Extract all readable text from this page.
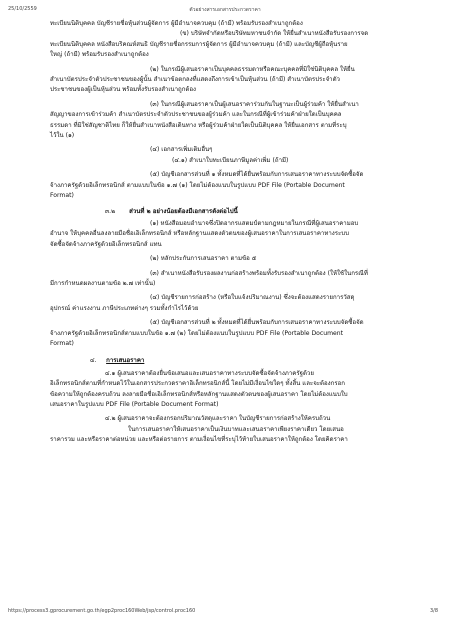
25/10/2559	ตัวอย่างสารเอกสารประกวดราคา

ทะเบียนนิติบุคคล บัญชีรายชื่อหุ้นส่วนผู้จัดการ ผู้มีอำนาจควบคุม (ถ้ามี) พร้อมรับรองสำเนาถูกต้อง

(ข) บริษัทจำกัดหรือบริษัทมหาชนจำกัด ให้ยื่นสำเนาหนังสือรับรองการจด

ทะเบียนนิติบุคคล หนังสือบริคณห์สนธิ บัญชีรายชื่อกรรมการผู้จัดการ ผู้มีอำนาจควบคุม (ถ้ามี) และบัญชีผู้ถือหุ้นราย

ใหญ่ (ถ้ามี) พร้อมรับรองสำเนาถูกต้อง

(๒) ในกรณีผู้เสนอราคาเป็นบุคคลธรรมดาหรือคณะบุคคลที่มิใช่นิติบุคคล ให้ยื่น

สำเนาบัตรประจำตัวประชาชนของผู้นั้น สำเนาข้อตกลงที่แสดงถึงการเข้าเป็นหุ้นส่วน (ถ้ามี) สำเนาบัตรประจำตัว

ประชาชนของผู้เป็นหุ้นส่วน พร้อมทั้งรับรองสำเนาถูกต้อง

(๓) ในกรณีผู้เสนอราคาเป็นผู้เสนอราคาร่วมกันในฐานะเป็นผู้ร่วมค้า ให้ยื่นสำเนา

สัญญาของการเข้าร่วมค้า สำเนาบัตรประจำตัวประชาชนของผู้ร่วมค้า และในกรณีที่ผู้เข้าร่วมค้าฝ่ายใดเป็นบุคคล

ธรรมดา ที่มิใช่สัญชาติไทย ก็ให้ยื่นสำเนาหนังสือเดินทาง หรือผู้ร่วมค้าฝ่ายใดเป็นนิติบุคคล ให้ยื่นเอกสาร ตามที่ระบุ

ไว้ใน (๑)

(๔) เอกสารเพิ่มเติมอื่นๆ

(๔.๑) สำเนาใบทะเบียนภาษีมูลค่าเพิ่ม (ถ้ามี)

(๕) บัญชีเอกสารส่วนที่ ๑ ทั้งหมดที่ได้ยื่นพร้อมกับการเสนอราคาทางระบบจัดซื้อจัด

จ้างภาครัฐด้วยอิเล็กทรอนิกส์ ตามแบบในข้อ ๑.๗ (๑) โดยไม่ต้องแนบในรูปแบบ PDF File (Portable Document

Format)

๓.๒ ส่วนที่ ๒ อย่างน้อยต้องมีเอกสารดังต่อไปนี้

(๑) หนังสือมอบอำนาจซึ่งปิดอากรแสตมป์ตามกฎหมายในกรณีที่ผู้เสนอราคามอบ

อำนาจ ให้บุคคลอื่นลงลายมือชื่อเอิเล็กทรอนิกส์ หรือหลักฐานแสดงตัวตนของผู้เสนอราคาในการเสนอราคาทางระบบ

จัดซื้อจัดจ้างภาครัฐด้วยอิเล็กทรอนิกส์ แทน

(๒) หลักประกันการเสนอราคา ตามข้อ ๕

(๓) สำเนาหนังสือรับรองผลงานก่อสร้างพร้อมทั้งรับรองสำเนาถูกต้อง (ให้ใช้ในกรณีที่

มีการกำหนดผลงานตามข้อ ๒.๗ เท่านั้น)

(๔) บัญชีรายการก่อสร้าง (หรือใบแจ้งปริมาณงาน) ซึ่งจะต้องแสดงรายการวัสดุ

อุปกรณ์ ค่าแรงงาน ภาษีประเภทต่างๆ รวมทั้งกำไรไว้ด้วย

(๕) บัญชีเอกสารส่วนที่ ๒ ทั้งหมดที่ได้ยื่นพร้อมกับการเสนอราคาทางระบบจัดซื้อจัด

จ้างภาครัฐด้วยอิเล็กทรอนิกส์ตามแบบในข้อ ๑.๗ (๒) โดยไม่ต้องแนบในรูปแบบ PDF File (Portable Document

Format)

๔. การเสนอราคา

๔.๑ ผู้เสนอราคาต้องยื่นข้อเสนอและเสนอราคาทางระบบจัดซื้อจัดจ้างภาครัฐด้วย

อิเล็กทรอนิกส์ตามที่กำหนดไว้ในเอกสารประกวดราคาอิเล็กทรอนิกส์นี้ โดยไม่มีเงื่อนไขใดๆ ทั้งสิ้น และจะต้องกรอก

ข้อความให้ถูกต้องครบถ้วน ลงลายมือชื่อเอิเล็กทรอนิกส์หรือหลักฐานแสดงตัวตนของผู้เสนอราคา โดยไม่ต้องแนบใบ

เสนอราคาในรูปแบบ PDF File (Portable Document Format)

๔.๒ ผู้เสนอราคาจะต้องกรอกปริมาณวัสดุและราคา ในบัญชีรายการก่อสร้างให้ครบถ้วน

ในการเสนอราคาให้เสนอราคาเป็นเงินบาทและเสนอราคาเพียงราคาเดียว โดยเสนอ

ราคารวม และหรือราคาต่อหน่วย และหรือต่อรายการ ตามเงื่อนไขที่ระบุไว้ท้ายใบเสนอราคาให้ถูกต้อง โดยคิดราคา

https://process3.gprocurement.go.th/egp2proc160Web/jsp/control.proc160	3/8
